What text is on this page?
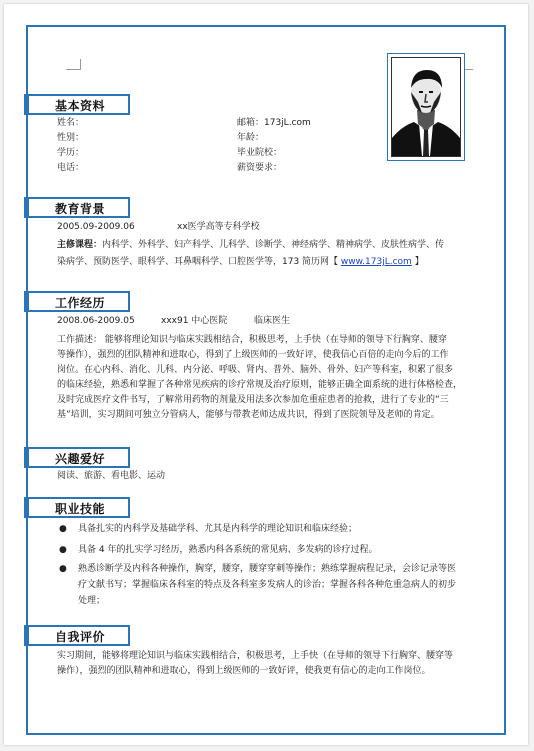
基本资料
姓名：	邮箱：173jL.com
性别：	年龄：
学历：	毕业院校：
电话：	薪资要求：
教育背景
2005.09-2009.06	xx医学高等专科学校
主修课程：内科学、外科学、妇产科学、儿科学、诊断学、神经病学、精神病学、皮肤性病学、传
染病学、预防医学、眼科学、耳鼻咽科学、口腔医学等，173 简历网【 www.173jL.com 】
工作经历
2008.06-2009.05	xxx91 中心医院	临床医生
工作描述： 能够将理论知识与临床实践相结合，积极思考，上手快（在导师的领导下行胸穿、腰穿
等操作），强烈的团队精神和进取心，得到了上级医师的一致好评，使我信心百倍的走向今后的工作
岗位。在心内科、消化、儿科、内分泌、呼吸、肾内、普外、脑外、骨外、妇产等科室，积累了很多
的临床经验，熟悉和掌握了各种常见疾病的诊疗常规及治疗原则，能够正确全面系统的进行体格检查，
及时完成医疗文件书写，了解常用药物的剂量及用法多次参加危重症患者的抢救，进行了专业的“三
基”培训，实习期间可独立分管病人，能够与带教老师达成共识，得到了医院领导及老师的肯定。
兴趣爱好
阅读、旅游、看电影、运动
职业技能
● 具备扎实的内科学及基础学科、尤其是内科学的理论知识和临床经验；
● 具备 4 年的扎实学习经历，熟悉内科各系统的常见病、多发病的诊疗过程。
● 熟悉诊断学及内科各种操作，胸穿，腰穿，腰穿穿刺等操作；熟练掌握病程记录，会诊记录等医
疗文献书写；掌握临床各科室的特点及各科室多发病人的诊治；掌握各科各种危重急病人的初步
处理；
自我评价
实习期间，能够将理论知识与临床实践相结合，积极思考，上手快（在导师的领导下行胸穿、腰穿等
操作），强烈的团队精神和进取心，得到上级医师的一致好评，使我更有信心的走向工作岗位。
